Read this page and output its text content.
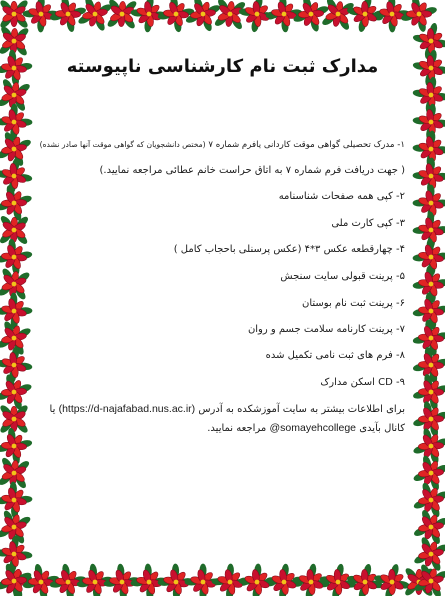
مدارک ثبت نام کارشناسی ناپیوسته
۱- مدرک تحصیلی گواهی موقت کاردانی یافرم شماره ۷ (مختص دانشجویان که گواهی موقت آنها صادر نشده)
( جهت دریافت فرم شماره ۷ به اتاق حراست خانم عطائی مراجعه نمایید.)
۲- کپی همه صفحات شناسنامه
۳- کپی کارت ملی
۴- چهارقطعه عکس ۳*۴ (عکس پرسنلی باحجاب کامل )
۵- پرینت قبولی سایت سنجش
۶- پرینت ثبت نام بوستان
۷- پرینت کارنامه سلامت جسم و روان
۸- فرم های ثبت نامی تکمیل شده
۹- CD اسکن مدارک
برای اطلاعات بیشتر به سایت آموزشکده به آدرس (https://d-najafabad.nus.ac.ir) یا کانال بآیدی @somayehcollege مراجعه نمایید.
